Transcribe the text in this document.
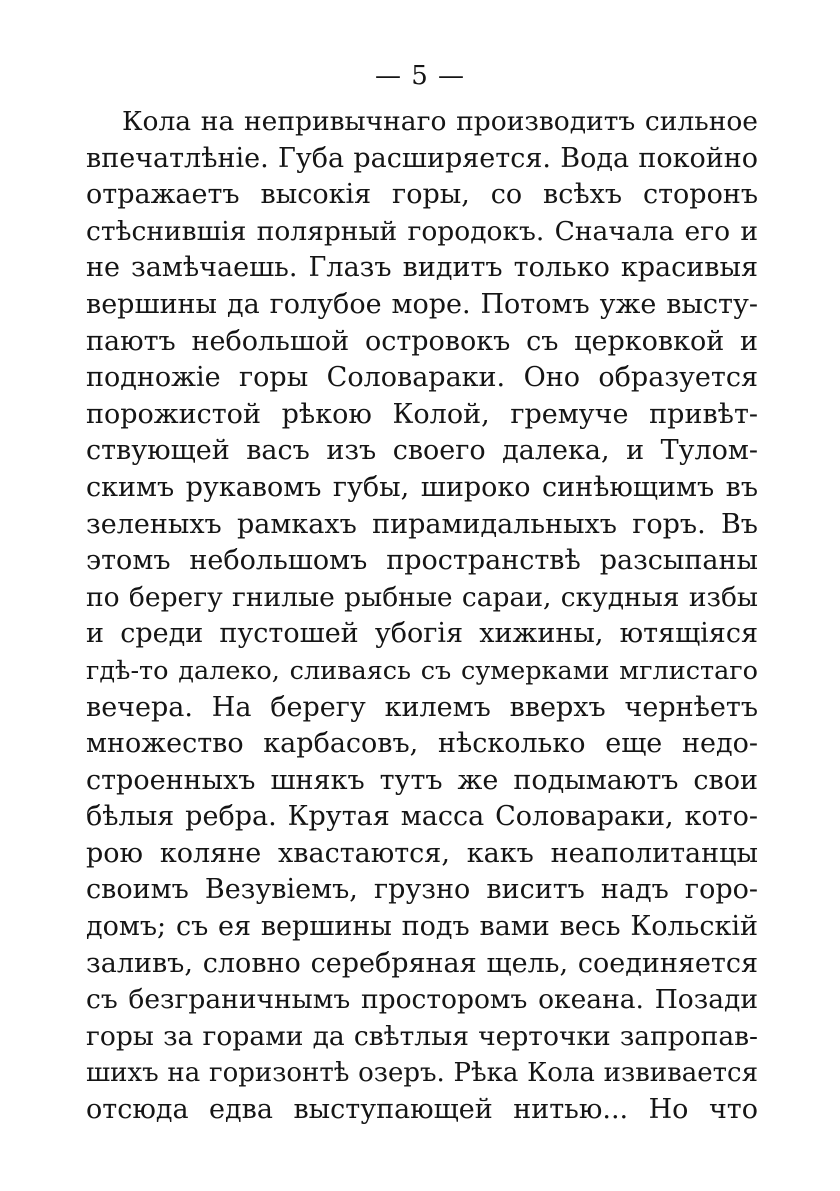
— 5 —
Кола на непривычнаго производитъ сильное
впечатлѣніе. Губа расширяется. Вода покойно
отражаетъ высокія горы, со всѣхъ сторонъ
стѣснившія полярный городокъ. Сначала его и
не замѣчаешь. Глазъ видитъ только красивыя
вершины да голубое море. Потомъ уже высту-
паютъ небольшой островокъ съ церковкой и
подножіе горы Соловараки. Оно образуется
порожистой рѣкою Колой, гремуче привѣт-
ствующей васъ изъ своего далека, и Тулом-
скимъ рукавомъ губы, широко синѣющимъ въ
зеленыхъ рамкахъ пирамидальныхъ горъ. Въ
этомъ небольшомъ пространствѣ разсыпаны
по берегу гнилые рыбные сараи, скудныя избы
и среди пустошей убогія хижины, ютящіяся
гдѣ-то далеко, сливаясь съ сумерками мглистаго
вечера. На берегу килемъ вверхъ чернѣетъ
множество карбасовъ, нѣсколько еще недо-
строенныхъ шнякъ тутъ же подымаютъ свои
бѣлыя ребра. Крутая масса Соловараки, кото-
рою коляне хвастаются, какъ неаполитанцы
своимъ Везувіемъ, грузно виситъ надъ горо-
домъ; съ ея вершины подъ вами весь Кольскій
заливъ, словно серебряная щель, соединяется
съ безграничнымъ просторомъ океана. Позади
горы за горами да свѣтлыя черточки запропав-
шихъ на горизонтѣ озеръ. Рѣка Кола извивается
отсюда едва выступающей нитью... Но что
